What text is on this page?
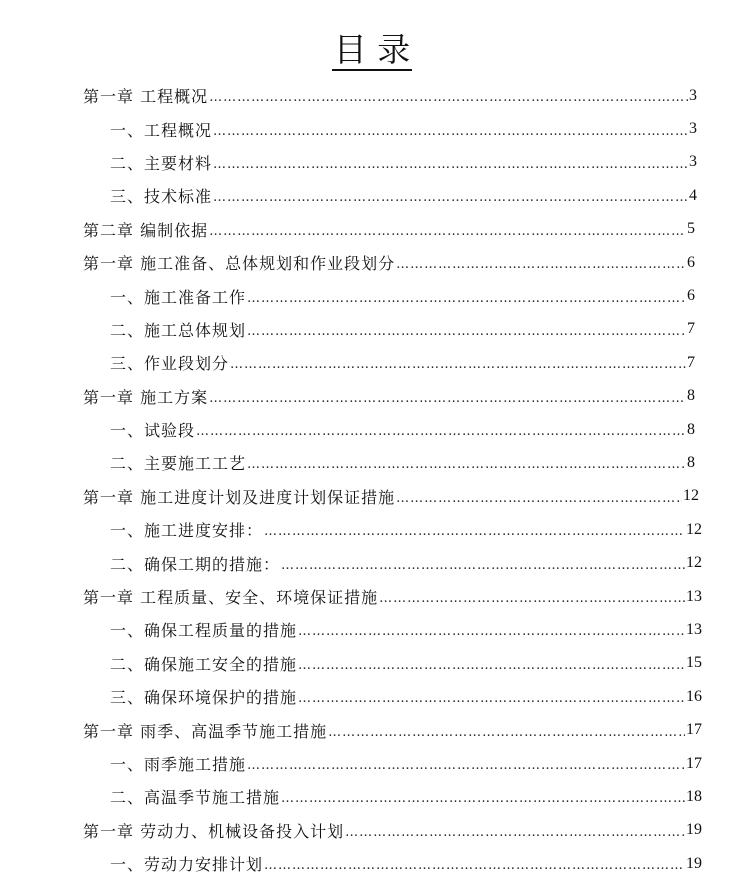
目 录
第一章 工程概况 ……………………………………………………………………………………………………………………………………………………………………………………………………	3
一、工程概况 ……………………………………………………………………………………………………………………………………………………………………………………………………	3
二、主要材料 ……………………………………………………………………………………………………………………………………………………………………………………………………	3
三、技术标准 ……………………………………………………………………………………………………………………………………………………………………………………………………	4
第二章 编制依据 ……………………………………………………………………………………………………………………………………………………………………………………………………	5
第一章 施工准备、总体规划和作业段划分 ……………………………………………………………………………………………………………………………………………………………………………………………………	6
一、施工准备工作 ……………………………………………………………………………………………………………………………………………………………………………………………………	6
二、施工总体规划 ……………………………………………………………………………………………………………………………………………………………………………………………………	7
三、作业段划分 ……………………………………………………………………………………………………………………………………………………………………………………………………	7
第一章 施工方案 ……………………………………………………………………………………………………………………………………………………………………………………………………	8
一、试验段 ……………………………………………………………………………………………………………………………………………………………………………………………………	8
二、主要施工工艺 ……………………………………………………………………………………………………………………………………………………………………………………………………	8
第一章 施工进度计划及进度计划保证措施 ……………………………………………………………………………………………………………………………………………………………………………………………………	12
一、施工进度安排： ……………………………………………………………………………………………………………………………………………………………………………………………………	12
二、确保工期的措施： ……………………………………………………………………………………………………………………………………………………………………………………………………	12
第一章 工程质量、安全、环境保证措施 ……………………………………………………………………………………………………………………………………………………………………………………………………	13
一、确保工程质量的措施 ……………………………………………………………………………………………………………………………………………………………………………………………………	13
二、确保施工安全的措施 ……………………………………………………………………………………………………………………………………………………………………………………………………	15
三、确保环境保护的措施 ……………………………………………………………………………………………………………………………………………………………………………………………………	16
第一章 雨季、高温季节施工措施 ……………………………………………………………………………………………………………………………………………………………………………………………………	17
一、雨季施工措施 ……………………………………………………………………………………………………………………………………………………………………………………………………	17
二、高温季节施工措施 ……………………………………………………………………………………………………………………………………………………………………………………………………	18
第一章 劳动力、机械设备投入计划 ……………………………………………………………………………………………………………………………………………………………………………………………………	19
一、劳动力安排计划 ……………………………………………………………………………………………………………………………………………………………………………………………………	19
